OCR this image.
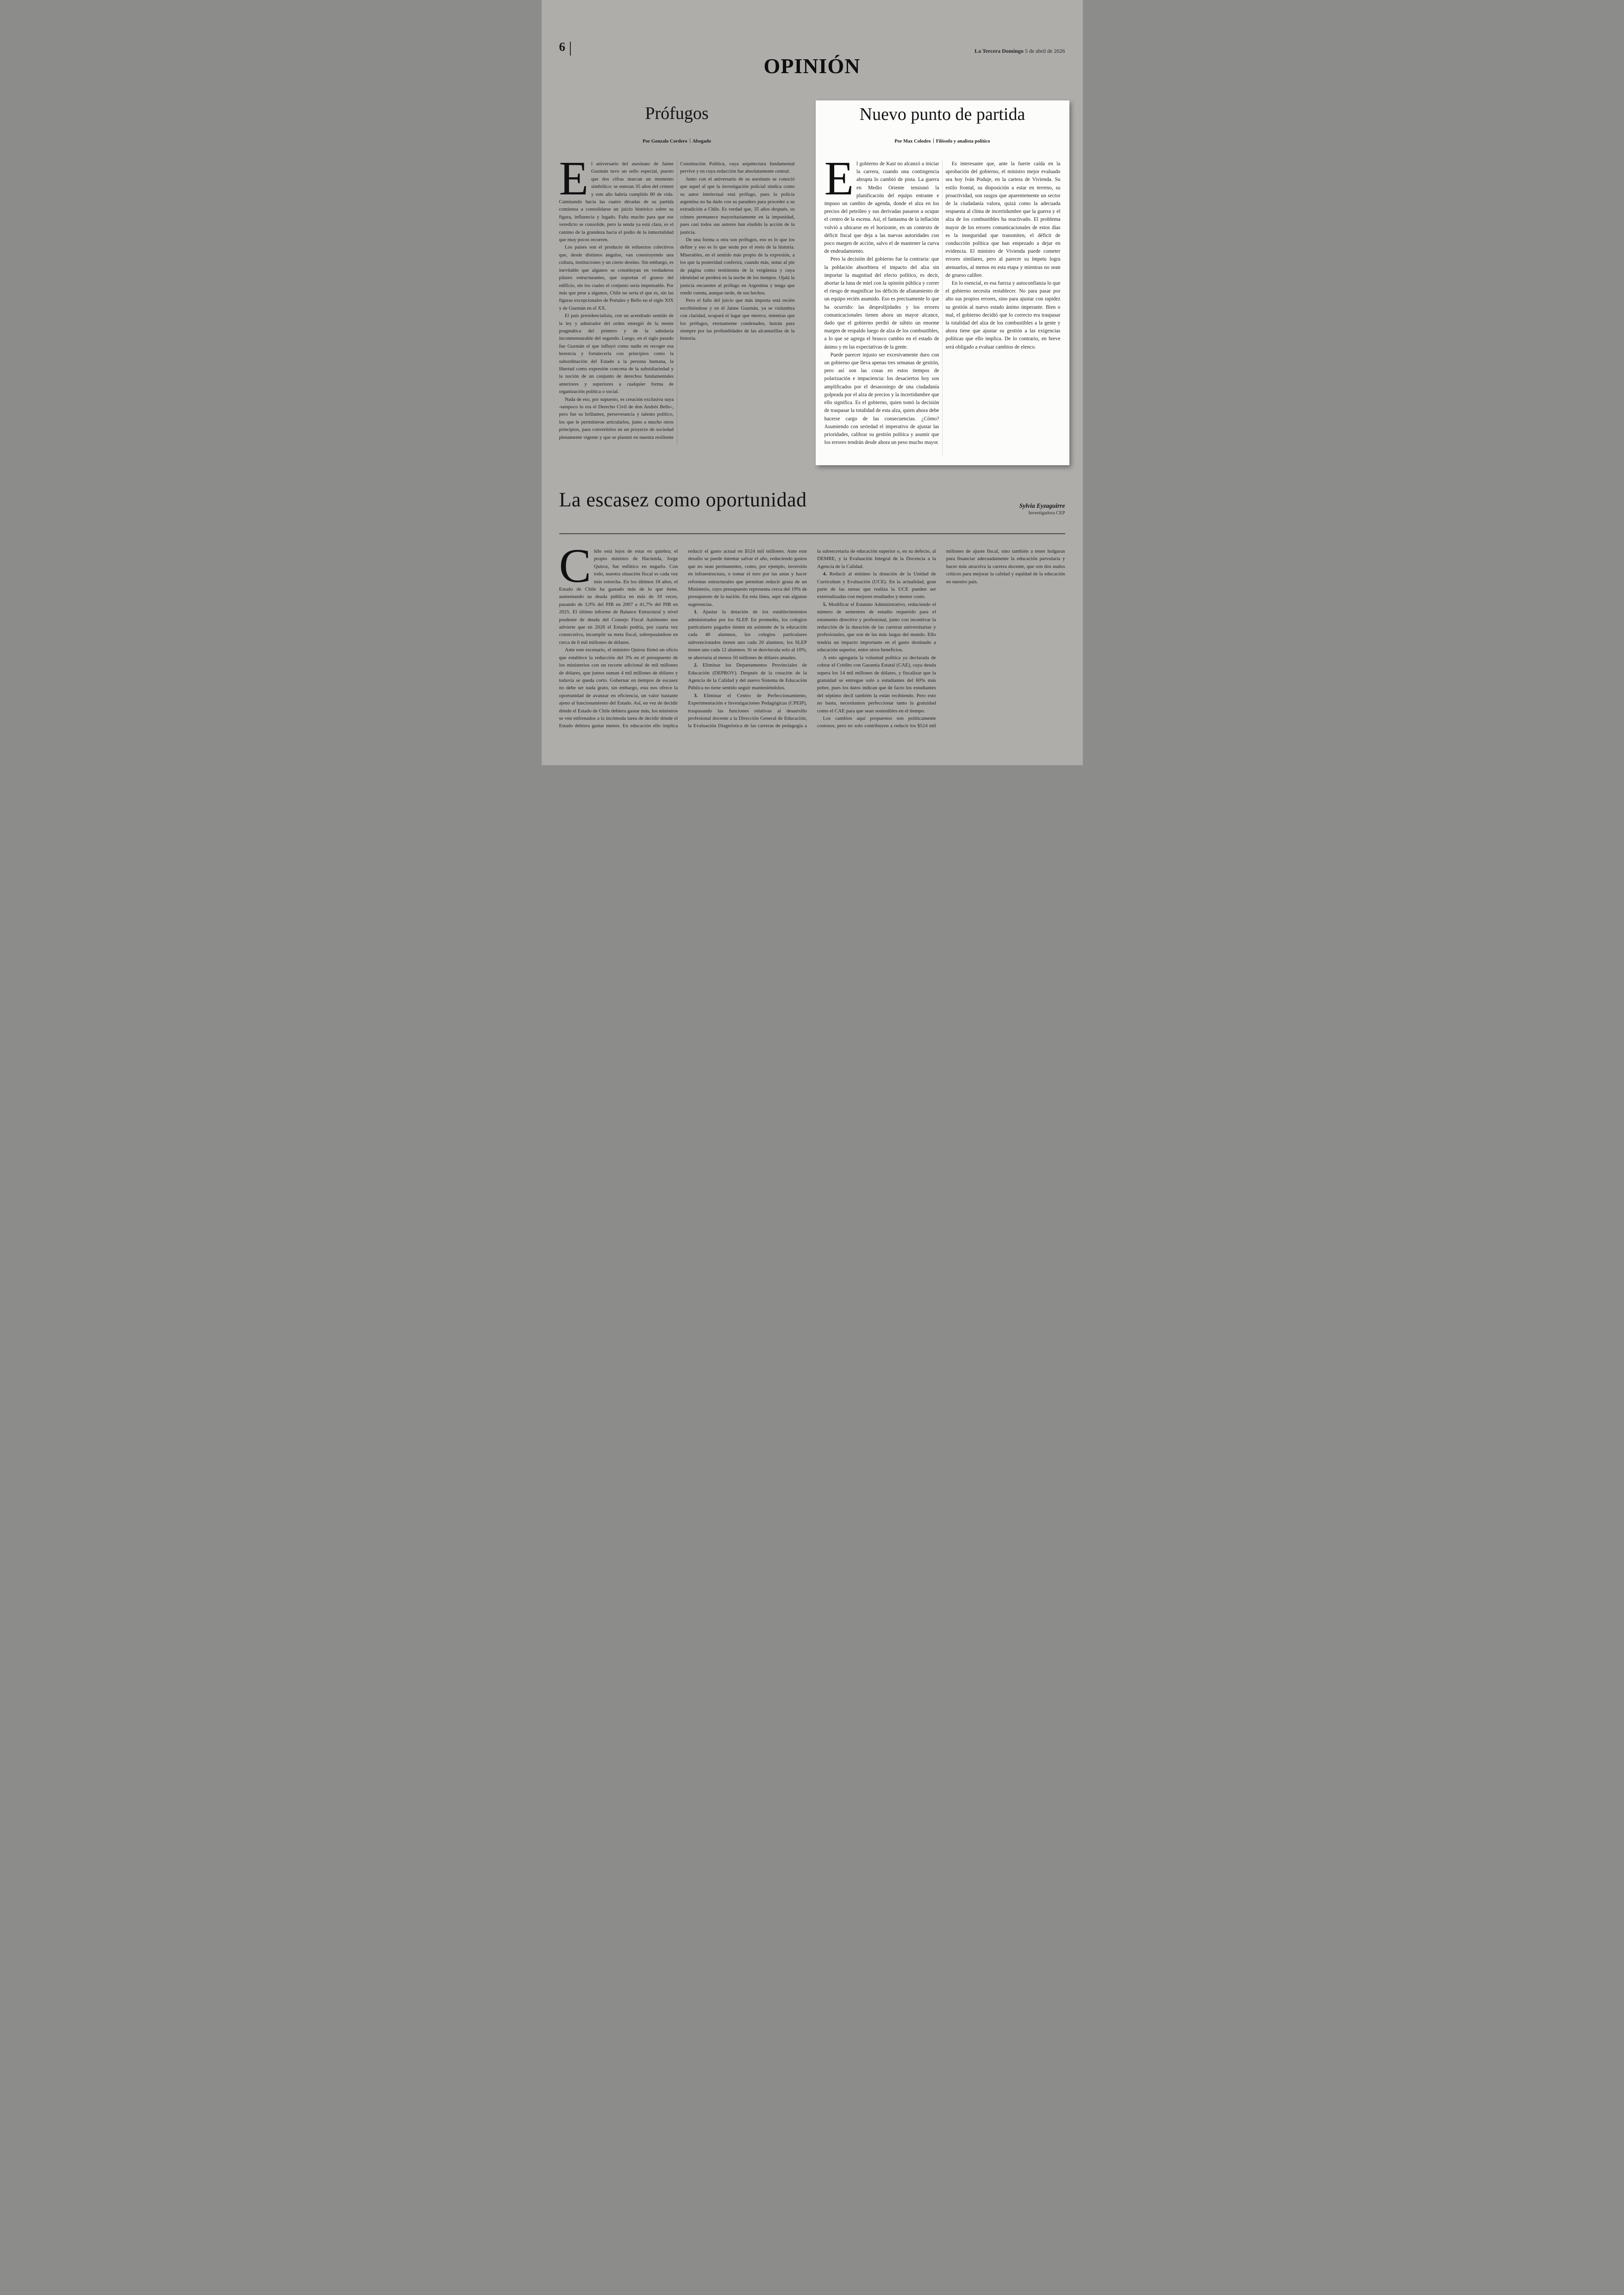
6	La Tercera Domingo 5 de abril de 2026
OPINIÓN
Prófugos
Por Gonzalo Cordero Abogado
E l aniversario del asesinato de Jaime Guzmán tuvo un sello especial, puesto que dos cifras marcan un momento simbólico: se enteran 35 años del crimen y este año habría cumplido 80 de vida. Caminando hacia las cuatro décadas de su partida comienza a consolidarse un juicio histórico sobre su figura, influencia y legado. Falta mucho para que ese veredicto se consolide, pero la senda ya está clara, es el camino de la grandeza hacia el podio de la inmortalidad que muy pocos recorren.

Los países son el producto de esfuerzos colectivos que, desde distintos ángulos, van construyendo una cultura, instituciones y un cierto destino. Sin embargo, es inevitable que algunos se constituyan en verdaderos pilares estructurantes, que soportan el grueso del edificio, sin los cuales el conjunto sería impensable. Por más que pese a algunos, Chile no sería el que es, sin las figuras excepcionales de Portales y Bello en el siglo XIX y de Guzmán en el XX.

El país presidencialista, con un acendrado sentido de la ley y admirador del orden emergió de la mente pragmática del primero y de la sabiduría inconmensurable del segundo. Luego, en el siglo pasado fue Guzmán el que influyó como nadie en recoger esa herencia y fortalecerla con principios como la subordinación del Estado a la persona humana, la libertad como expresión concreta de la subsidiariedad y la noción de un conjunto de derechos fundamentales anteriores y superiores a cualquier forma de organización política o social.

Nada de eso, por supuesto, es creación exclusiva suya -tampoco lo era el Derecho Civil de don Andrés Bello-, pero fue su brillantez, perseverancia y talento político, los que le permitieron articularlos, junto a mucho otros principios, para convertirlos en un proyecto de sociedad plenamente vigente y que se plasmó en nuestra resiliente Constitución Política, cuya arquitectura fundamental pervive y en cuya redacción fue absolutamente central.

Junto con el aniversario de su asesinato se conoció que aquel al que la investigación policial sindica como su autor intelectual está prófugo, pues la policía argentina no ha dado con su paradero para proceder a su extradición a Chile. Es verdad que, 35 años después, su crimen permanece mayoritariamente en la impunidad, pues casi todos sus autores han eludido la acción de la justicia.

De una forma u otra son prófugos, eso es lo que los define y eso es lo que serán por el resto de la historia. Miserables, en el sentido más propio de la expresión, a los que la posteridad conferirá, cuando más, notas al pie de página como testimonio de la vergüenza y cuya identidad se perderá en la noche de los tiempos. Ojalá la justicia encuentre al prófugo en Argentina y tenga que rendir cuenta, aunque tarde, de sus hechos.

Pero el fallo del juicio que más importa está recién escribiéndose y en él Jaime Guzmán, ya se vislumbra con claridad, ocupará el lugar que merece, mientras que los prófugos, eternamente condenados, huirán para siempre por las profundidades de las alcantarillas de la historia.

Nuevo punto de partida
Por Max Colodro Filósofo y analista político
E l gobierno de Kast no alcanzó a iniciar la carrera, cuando una contingencia abrupta lo cambió de pista. La guerra en Medio Oriente tensionó la planificación del equipo entrante e impuso un cambio de agenda, donde el alza en los precios del petróleo y sus derivadas pasaron a ocupar el centro de la escena. Así, el fantasma de la inflación volvió a ubicarse en el horizonte, en un contexto de déficit fiscal que deja a las nuevas autoridades con poco margen de acción, salvo el de mantener la curva de endeudamiento.

Pero la decisión del gobierno fue la contraria: que la población absorbiera el impacto del alza sin importar la magnitud del efecto político, es decir, abortar la luna de miel con la opinión pública y correr el riesgo de magnificar los déficits de afiatamiento de un equipo recién asumido. Eso es precisamente lo que ha ocurrido: las desprolijidades y los errores comunicacionales tienen ahora un mayor alcance, dado que el gobierno perdió de súbito un enorme margen de respaldo luego de alza de los combustibles, a lo que se agrega el brusco cambio en el estado de ánimo y en las expectativas de la gente.

Puede parecer injusto ser excesivamente duro con un gobierno que lleva apenas tres semanas de gestión, pero así son las cosas en estos tiempos de polarización e impaciencia: los desaciertos hoy son amplificados por el desasosiego de una ciudadanía golpeada por el alza de precios y la incertidumbre que ello significa. Es el gobierno, quien tomó la decisión de traspasar la totalidad de esta alza, quien ahora debe hacerse cargo de las consecuencias. ¿Cómo? Asumiendo con seriedad el imperativo de ajustar las prioridades, calibrar su gestión política y asumir que los errores tendrán desde ahora un peso mucho mayor.

Es interesante que, ante la fuerte caída en la aprobación del gobierno, el ministro mejor evaluado sea hoy Iván Poduje, en la cartera de Vivienda. Su estilo frontal, su disposición a estar en terreno, su proactividad, son rasgos que aparentemente un sector de la ciudadanía valora, quizá como la adecuada respuesta al clima de incertidumbre que la guerra y el alza de los combustibles ha reactivado. El problema mayor de los errores comunicacionales de estos días es la inseguridad que transmiten, el déficit de conducción política que han empezado a dejar en evidencia. El ministro de Vivienda puede cometer errores similares, pero al parecer su ímpetu logra atenuarlos, al menos en esta etapa y mientras no sean de grueso calibre.

En lo esencial, es esa fuerza y autoconfianza lo que el gobierno necesita restablecer. No para pasar por alto sus propios errores, sino para ajustar con rapidez su gestión al nuevo estado ánimo imperante. Bien o mal, el gobierno decidió que lo correcto era traspasar la totalidad del alza de los combustibles a la gente y ahora tiene que ajustar su gestión a las exigencias políticas que ello implica. De lo contrario, en breve será obligado a evaluar cambios de elenco.

La escasez como oportunidad	Sylvia Eyzaguirre
Investigadora CEP
C hile está lejos de estar en quiebra; el propio ministro de Hacienda, Jorge Quiroz, fue enfático en negarlo. Con todo, nuestra situación fiscal es cada vez más estrecha. En los últimos 18 años, el Estado de Chile ha gastado más de lo que tiene, aumentando su deuda pública en más de 10 veces, pasando de 3,9% del PIB en 2007 a 41,7% del PIB en 2025. El último informe de Balance Estructural y nivel prudente de deuda del Consejo Fiscal Autónomo nos advierte que en 2026 el Estado podría, por cuarta vez consecutiva, incumplir su meta fiscal, sobrepasándose en cerca de 6 mil millones de dólares.

Ante este escenario, el ministro Quiroz firmó un oficio que establece la reducción del 3% en el presupuesto de los ministerios con un recorte adicional de mil millones de dólares, que juntos suman 4 mil millones de dólares y todavía se queda corto. Gobernar en tiempos de escasez no debe ser nada grato, sin embargo, esta nos ofrece la oportunidad de avanzar en eficiencia, un valor bastante ajeno al funcionamiento del Estado. Así, en vez de decidir dónde el Estado de Chile debiera gastar más, los ministros se ven enfrenados a la incómoda tarea de decidir dónde el Estado debiera gastar menos. En educación ello implica reducir el gasto actual en $524 mil millones. Ante este desafío se puede intentar salvar el año, reduciendo gastos que no sean permanentes, como, por ejemplo, inversión en infraestructura, o tomar el toro por las astas y hacer reformas estructurales que permitan reducir grasa de un Ministerio, cuyo presupuesto representa cerca del 19% de presupuesto de la nación. En esta línea, aquí van algunas sugerencias.

1. Ajustar la dotación de los establecimientos administrados por los SLEP. En promedio, los colegios particulares pagados tienen un asistente de la educación cada 40 alumnos, los colegios particulares subvencionados tienen uno cada 20 alumnos, los SLEP tienen uno cada 12 alumnos. Si se desvincula solo al 10%, se ahorraría al menos 50 millones de dólares anuales.

2. Eliminar los Departamentos Provinciales de Educación (DEPROV). Después de la creación de la Agencia de la Calidad y del nuevo Sistema de Educación Pública no tiene sentido seguir manteniéndolos.

3. Eliminar el Centro de Perfeccionamiento, Experimentación e Investigaciones Pedagógicas (CPEIP), traspasando las funciones relativas al desarrollo profesional docente a la Dirección General de Educación, la Evaluación Diagnóstica de las carreras de pedagogía a la subsecretaría de educación superior o, en su defecto, al DEMRE, y la Evaluación Integral de la Docencia a la Agencia de la Calidad.

4. Reducir al mínimo la dotación de la Unidad de Currículum y Evaluación (UCE). En la actualidad, gran parte de las tareas que realiza la UCE pueden ser externalizadas con mejores resultados y menor costo.

5. Modificar el Estatuto Administrativo, reduciendo el número de semestres de estudio requerido para el estamento directivo y profesional, junto con incentivar la reducción de la duración de las carreras universitarias y profesionales, que son de las más largas del mundo. Ello tendría un impacto importante en el gasto destinado a educación superior, entre otros beneficios.

A esto agregaría la voluntad política ya declarada de cobrar el Crédito con Garantía Estatal (CAE), cuya deuda supera los 14 mil millones de dólares, y fiscalizar que la gratuidad se entregue solo a estudiantes del 60% más pobre, pues los datos indican que de facto los estudiantes del séptimo decil también la están recibiendo. Pero esto no basta, necesitamos perfeccionar tanto la gratuidad como el CAE para que sean sostenibles en el tiempo.

Los cambios aquí propuestos son políticamente costosos, pero no solo contribuyen a reducir los $524 mil millones de ajuste fiscal, sino también a tener holguras para financiar adecuadamente la educación parvularia y hacer más atractiva la carrera docente, que son dos nudos críticos para mejorar la calidad y equidad de la educación en nuestro país.
